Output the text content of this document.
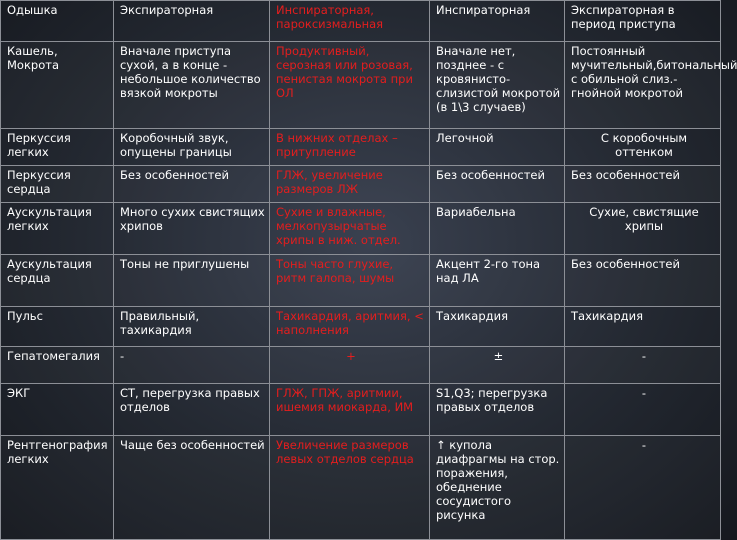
Одышка	Экспираторная	Инспираторная, пароксизмальная	Инспираторная	Экспираторная в период приступа
Кашель, Мокрота	Вначале приступа сухой, а в конце - небольшое количество вязкой мокроты	Продуктивный, серозная или розовая, пенистая мокрота при ОЛ	Вначале нет, позднее - с кровянисто-слизистой мокротой (в 1\3 случаев)	Постоянный мучительный,битональный с обильной слиз.-гнойной мокротой
Перкуссия легких	Коробочный звук, опущены границы	В нижних отделах – притупление	Легочной	С коробочным оттенком
Перкуссия сердца	Без особенностей	ГЛЖ, увеличение размеров ЛЖ	Без особенностей	Без особенностей
Аускультация легких	Много сухих свистящих хрипов	Сухие и влажные, мелкопузырчатые хрипы в ниж. отдел.	Вариабельна	Сухие, свистящие хрипы
Аускультация сердца	Тоны не приглушены	Тоны часто глухие, ритм галопа, шумы	Акцент 2-го тона над ЛА	Без особенностей
Пульс	Правильный, тахикардия	Тахикардия, аритмия, < наполнения	Тахикардия	Тахикардия
Гепатомегалия	-	+	±	-
ЭКГ	СТ, перегрузка правых отделов	ГЛЖ, ГПЖ, аритмии, ишемия миокарда, ИМ	S1,Q3; перегрузка правых отделов	-
Рентгенография легких	Чаще без особенностей	Увеличение размеров левых отделов сердца	↑ купола диафрагмы на стор. поражения, обеднение сосудистого рисунка	-
